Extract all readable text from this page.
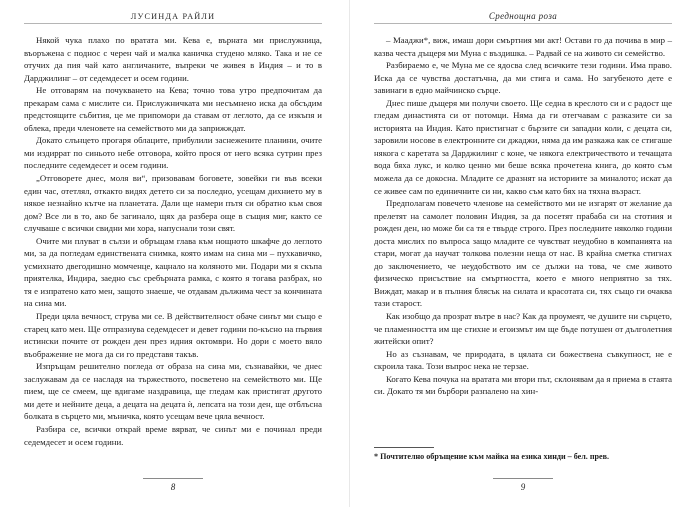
ЛУСИНДА РАЙЛИ

Някой чука плахо по вратата ми. Кева е, върната ми прислужница, въоръжена с поднос с черен чай и малка каничка студено мляко. Така и не се отучих да пия чай като англичаните, въпреки че живея в Индия – и то в Дарджилинг – от седемдесет и осем години.

Не отговарям на почукването на Кева; точно това утро предпочитам да прекарам сама с мислите си. Прислужничката ми несъмнено иска да обсъдим предстоящите събития, це ме припомори да ставам от леглото, да се изкъпя и облека, преди членовете на семейството ми да заприжждат.

Докато слънцето прогаря облаците, прибулили заснежените планини, очите ми издиррат по синьото небе отговора, който прося от него всяка сутрин през последните седемдесет и осем години.

„Отговорете днес, моля ви“, призовавам боговете, зовейки ги във всеки един час, отетлял, откакто видях детето си за последно, усещам дихнието му в някое незнайно кътче на планетата. Дали ще намери пътя си обратно към своя дом? Все ли в то, ако бе загинало, щях да разбера още в същия миг, както се случваше с всички свидни ми хора, напуснали този свят.

Очите ми плуват в сълзи и обръщам глава към нощното шкафче до леглото ми, за да погледам единствената снимка, която имам на сина ми – пухкавичко, усмихнато двегодишно момченце, кацнало на коляното ми. Подари ми я скъпа приятелка, Индира, заедно със сребърната рамка, с която я тогава разбрах, но тя е изпратено като мен, защото знаеше, че отдавам дължима чест за кончината на сина ми.

Преди цяла вечност, струва ми се. В действителност обаче синът ми също е старец като мен. Ще отпразнува седемдесет и девет години по-късно на първия истински почите от рожден ден през идния октомври. Но дори с моето вяло въображение не мога да си го представя такъв.

Изпръщам решително погледа от образа на сина ми, съзнавайки, че днес заслужавам да се насладя на тържеството, посветено на семейството ми. Ще пием, ще се смеем, ще вдигаме наздравица, ще гледам как пристигат другото ми дете и нейните деца, а децата на децата ѝ, лепсата на този ден, ще отблъсна болката в сърцето ми, мъничка, която усещам вече цяла вечност.

Разбира се, всички открай време вярват, че синът ми е починал преди седемдесет и осем години.

8
Среднощна роза

– Мааджи*, виж, имаш дори смъртния ми акт! Остави го да почива в мир – казва честа дъщеря ми Муна с въздишка. – Радвай се на живото си семейство.

Разбираемо е, че Муна ме се ядосва след всичките тези години. Има право. Иска да се чувства достатъчна, да ми стига и сама. Но загубеното дете е завинаги в едно майчинско сърце.

Днес пише дъщеря ми получи своето. Ще седна в креслото си и с радост ще гледам династията си от потомци. Няма да ги отегчавам с разказите си за историята на Индия. Като пристигнат с бързите си западни коли, с децата си, заровили носове в електронните си джаджи, няма да им разкажа как се стигаше някога с каретата за Дарджилинг с коне, че някога електричеството и течащата вода бяха лукс, и колко ценно ми беше всяка прочетена книга, до която съм можела да се докосна. Младите се дразнят на историите за миналото; искат да се живее сам по единичните си ни, какво съм като бях на тяхна възраст.

Предполагам повечето членове на семейството ми не изгарят от желание да прелетят на самолет половин Индия, за да посетят прабаба си на стотния и рожден ден, но може би са тя е твърде строго. През последните няколко години доста мислих по въпроса защо младите се чувстват неудобно в компанията на стари, могат да научат толкова полезни неща от нас. В крайна сметка стигнах до заключението, че неудобството им се дължи на това, че сме живото физическо присъствие на смъртността, което е много неприятно за тях. Виждат, макар и в пълния блясък на силата и красотата си, тях също ги очаква тази старост.

Как изобщо да прозрат вътре в нас? Как да проумеят, че душите ни сърцето, че пламенността им ще стихне и егоизмът им ще бъде потушен от дълголетния житейски опит?

Но аз съзнавам, че природата, в цялата си божествена съвкупност, не е скроила така. Този въпрос нека не терзае.

Когато Кева почука на вратата ми втори път, склонявам да я приема в стаята си. Докато тя ми бърбори разпалено на хин-

* Почтително обръщение към майка на езика хинди – бел. прев.
9
